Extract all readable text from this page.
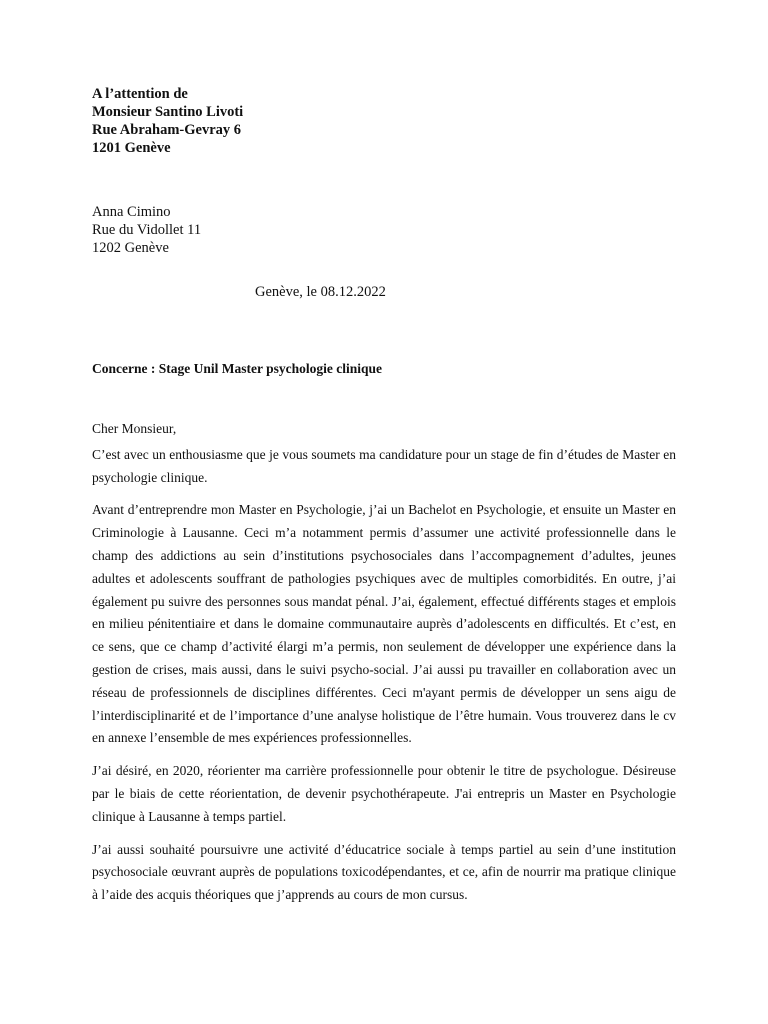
A l’attention de
Monsieur Santino Livoti
Rue Abraham-Gevray 6
1201 Genève
Anna Cimino
Rue du Vidollet 11
1202 Genève
Genève, le 08.12.2022
Concerne : Stage Unil Master psychologie clinique

Cher Monsieur,

C’est avec un enthousiasme que je vous soumets ma candidature pour un stage de fin d’études de Master en psychologie clinique.

Avant d’entreprendre mon Master en Psychologie, j’ai un Bachelot en Psychologie, et ensuite un Master en Criminologie à Lausanne. Ceci m’a notamment permis d’assumer une activité professionnelle dans le champ des addictions au sein d’institutions psychosociales dans l’accompagnement d’adultes, jeunes adultes et adolescents souffrant de pathologies psychiques avec de multiples comorbidités. En outre, j’ai également pu suivre des personnes sous mandat pénal. J’ai, également, effectué différents stages et emplois en milieu pénitentiaire et dans le domaine communautaire auprès d’adolescents en difficultés. Et c’est, en ce sens, que ce champ d’activité élargi m’a permis, non seulement de développer une expérience dans la gestion de crises, mais aussi, dans le suivi psycho-social. J’ai aussi pu travailler en collaboration avec un réseau de professionnels de disciplines différentes. Ceci m'ayant permis de développer un sens aigu de l’interdisciplinarité et de l’importance d’une analyse holistique de l’être humain. Vous trouverez dans le cv en annexe l’ensemble de mes expériences professionnelles.

J’ai désiré, en 2020, réorienter ma carrière professionnelle pour obtenir le titre de psychologue. Désireuse par le biais de cette réorientation, de devenir psychothérapeute. J'ai entrepris un Master en Psychologie clinique à Lausanne à temps partiel.

J’ai aussi souhaité poursuivre une activité d’éducatrice sociale à temps partiel au sein d’une institution psychosociale œuvrant auprès de populations toxicodépendantes, et ce, afin de nourrir ma pratique clinique à l’aide des acquis théoriques que j’apprends au cours de mon cursus.
